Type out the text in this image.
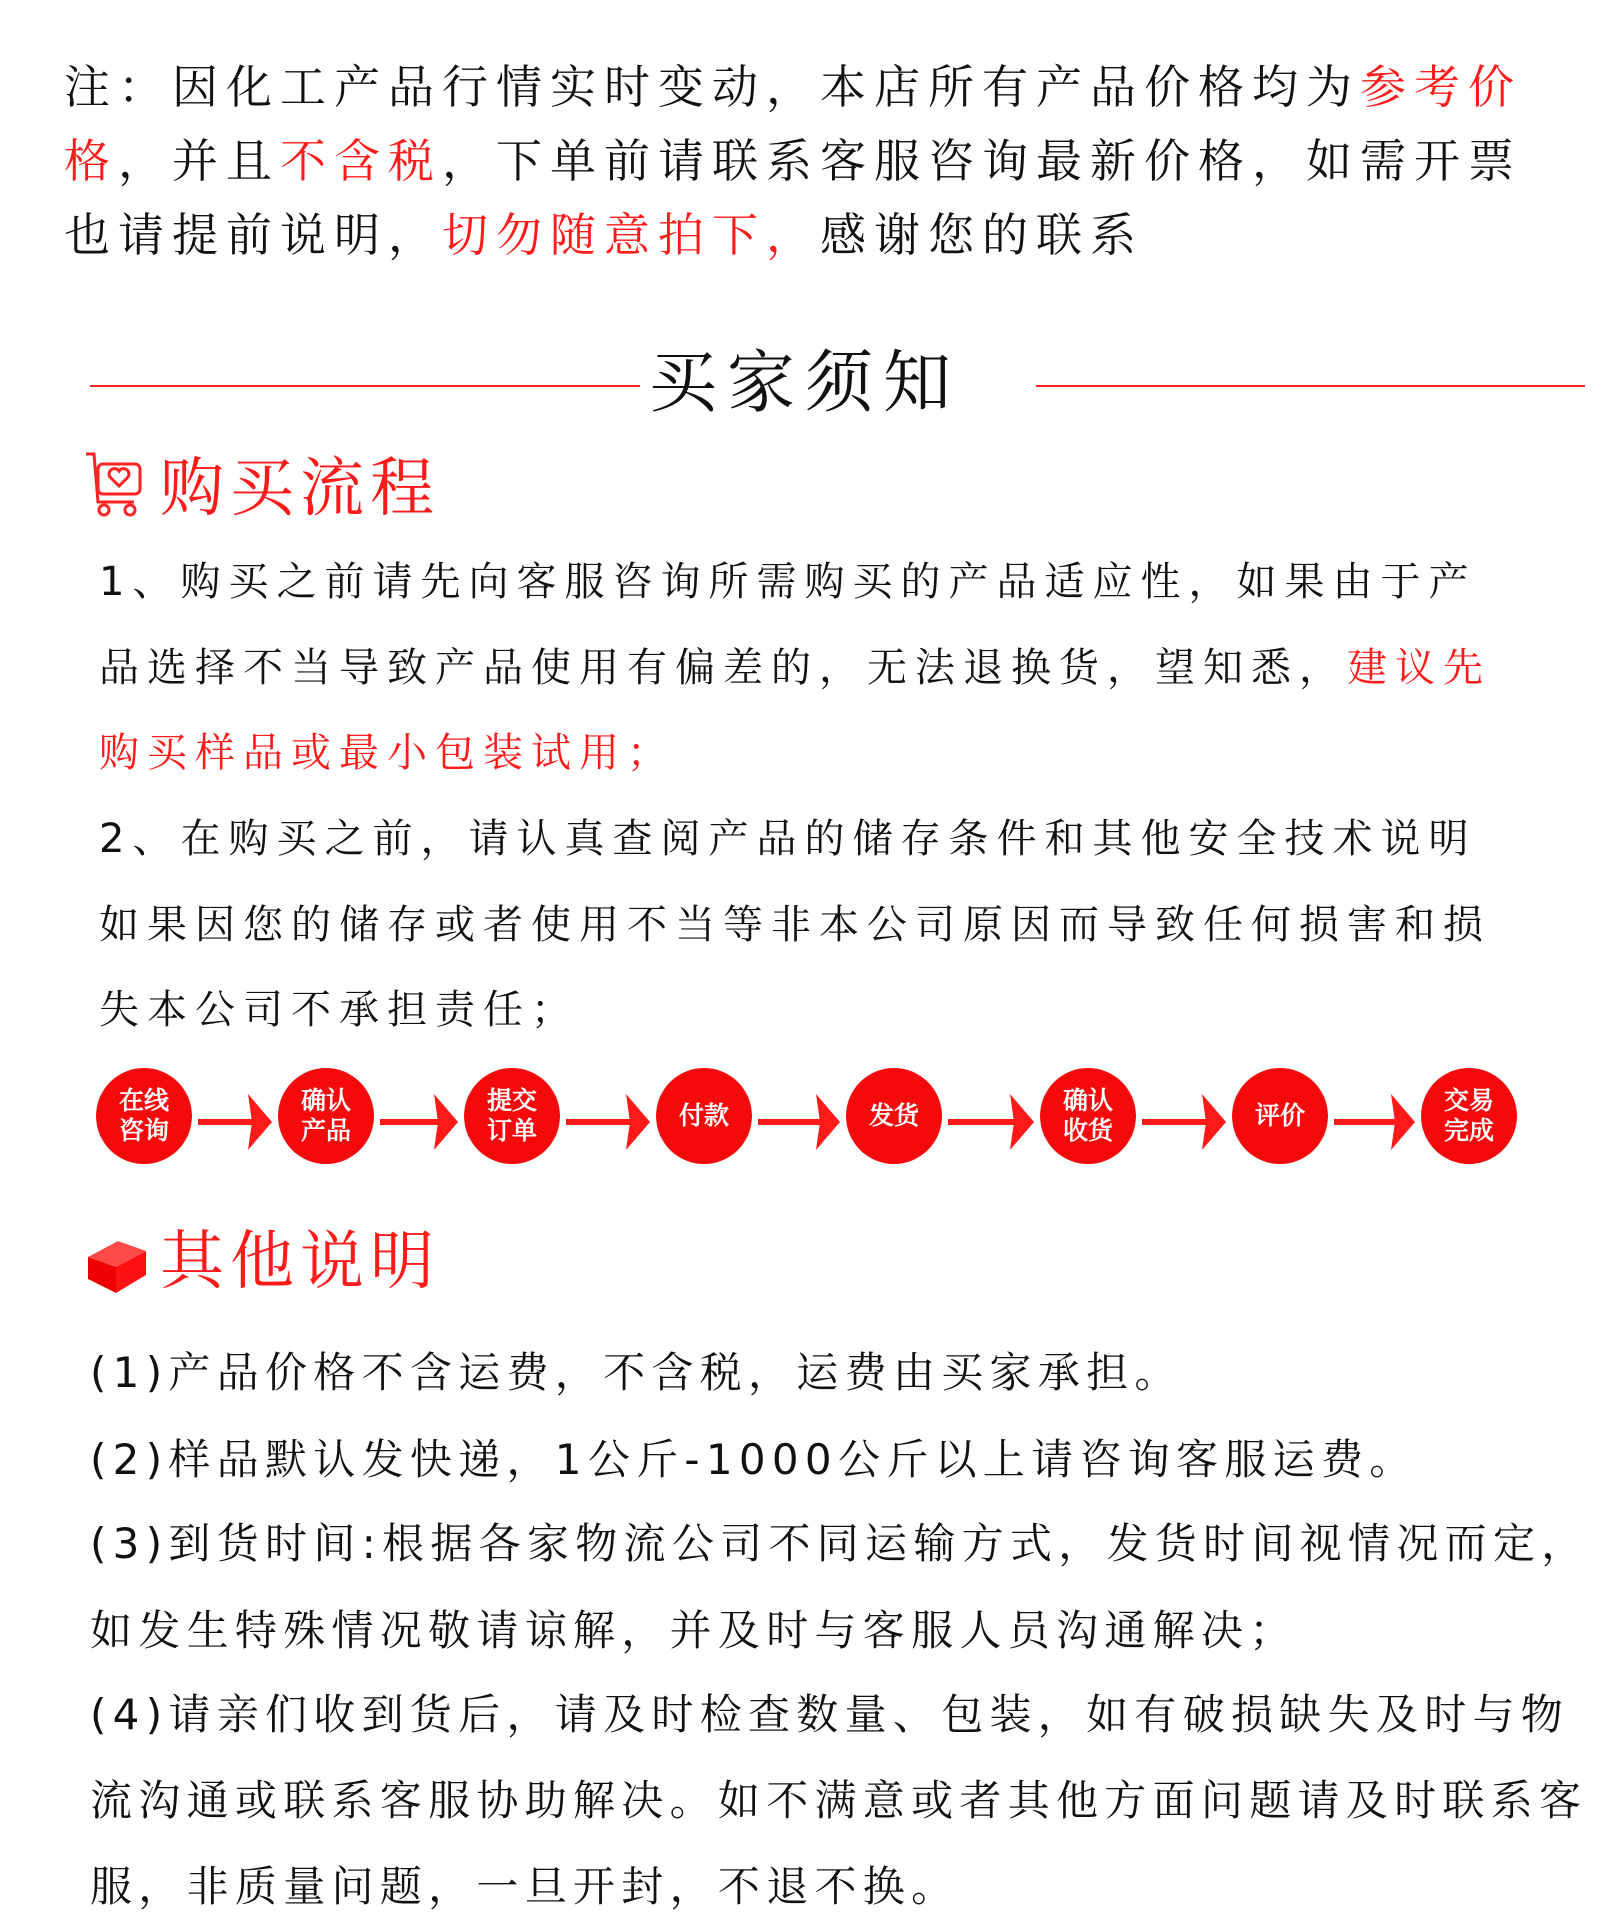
注：因化工产品行情实时变动，本店所有产品价格均为参考价
格，并且不含税，下单前请联系客服咨询最新价格，如需开票
也请提前说明，切勿随意拍下，感谢您的联系
买家须知
购买流程
1、购买之前请先向客服咨询所需购买的产品适应性，如果由于产
品选择不当导致产品使用有偏差的，无法退换货，望知悉，建议先
购买样品或最小包装试用；
2、在购买之前，请认真查阅产品的储存条件和其他安全技术说明
如果因您的储存或者使用不当等非本公司原因而导致任何损害和损
失本公司不承担责任；
在线咨询
确认产品
提交订单
付款	发货
确认收货
评价
交易完成
其他说明
(1)产品价格不含运费，不含税，运费由买家承担。
(2)样品默认发快递，1公斤-1000公斤以上请咨询客服运费。
(3)到货时间:根据各家物流公司不同运输方式，发货时间视情况而定，
如发生特殊情况敬请谅解，并及时与客服人员沟通解决；
(4)请亲们收到货后，请及时检查数量、包装，如有破损缺失及时与物
流沟通或联系客服协助解决。如不满意或者其他方面问题请及时联系客
服，非质量问题，一旦开封，不退不换。
